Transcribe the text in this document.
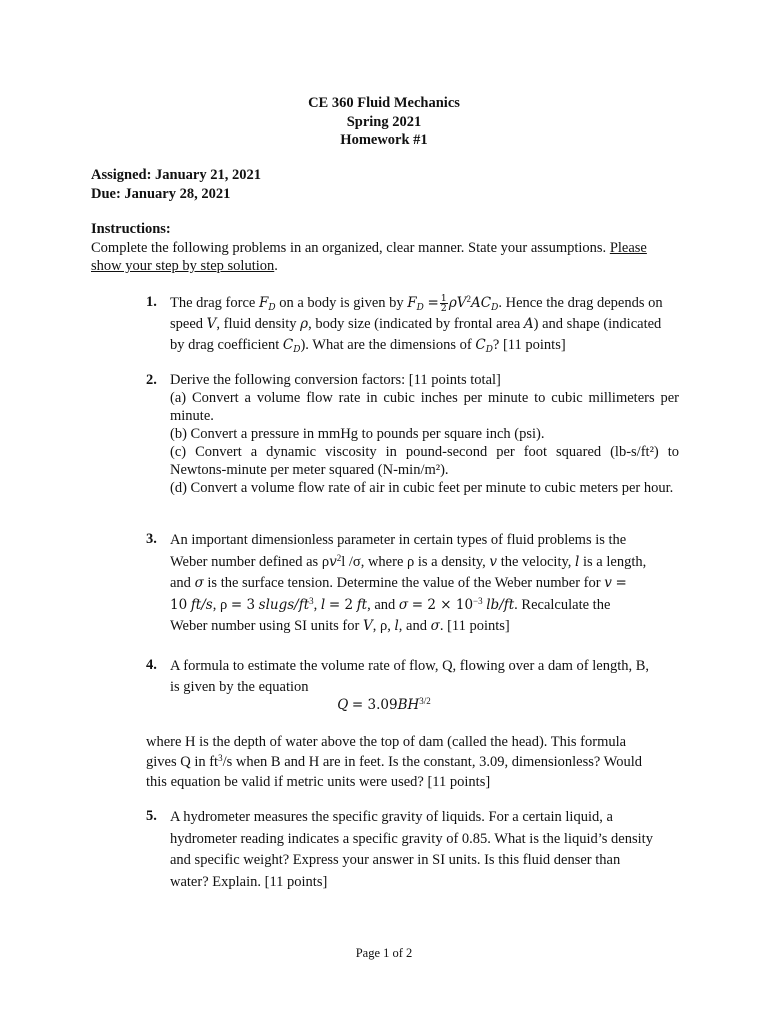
CE 360 Fluid Mechanics
Spring 2021
Homework #1
Assigned: January 21, 2021
Due: January 28, 2021
Instructions:
Complete the following problems in an organized, clear manner. State your assumptions. Please
show your step by step solution.
1. The drag force $F_D$ on a body is given by $F_D = \frac{1}{2} \rho V^2AC_D$. Hence the drag depends on
speed V, fluid density ρ, body size (indicated by frontal area A) and shape (indicated
by drag coefficient $C_D$). What are the dimensions of $C_D$? [11 points]
2. Derive the following conversion factors: [11 points total]
(a) Convert a volume flow rate in cubic inches per minute to cubic millimeters per minute.
(b) Convert a pressure in mmHg to pounds per square inch (psi).
(c) Convert a dynamic viscosity in pound-second per foot squared (lb-s/ft²) to Newtons-minute per meter squared (N-min/m²).
(d) Convert a volume flow rate of air in cubic feet per minute to cubic meters per hour.
3. An important dimensionless parameter in certain types of fluid problems is the
Weber number defined as $\rho v^2l$ /σ, where ρ is a density, v the velocity, l is a length,
and σ is the surface tension. Determine the value of the Weber number for v =
10 ft/s, ρ = 3 slugs/$ft^3$, l = 2 ft, and $\sigma = 2 \times 10^{-3}$ lb/ft. Recalculate the
Weber number using SI units for V, ρ, l, and σ. [11 points]
4. A formula to estimate the volume rate of flow, Q, flowing over a dam of length, B,
is given by the equation
$Q = 3.09BH^{3/2}$
where H is the depth of water above the top of dam (called the head). This formula
gives Q in $ft^3/s$ when B and H are in feet. Is the constant, 3.09, dimensionless? Would
this equation be valid if metric units were used? [11 points]
5. A hydrometer measures the specific gravity of liquids. For a certain liquid, a
hydrometer reading indicates a specific gravity of 0.85. What is the liquid’s density
and specific weight? Express your answer in SI units. Is this fluid denser than
water? Explain. [11 points]
Page 1 of 2
